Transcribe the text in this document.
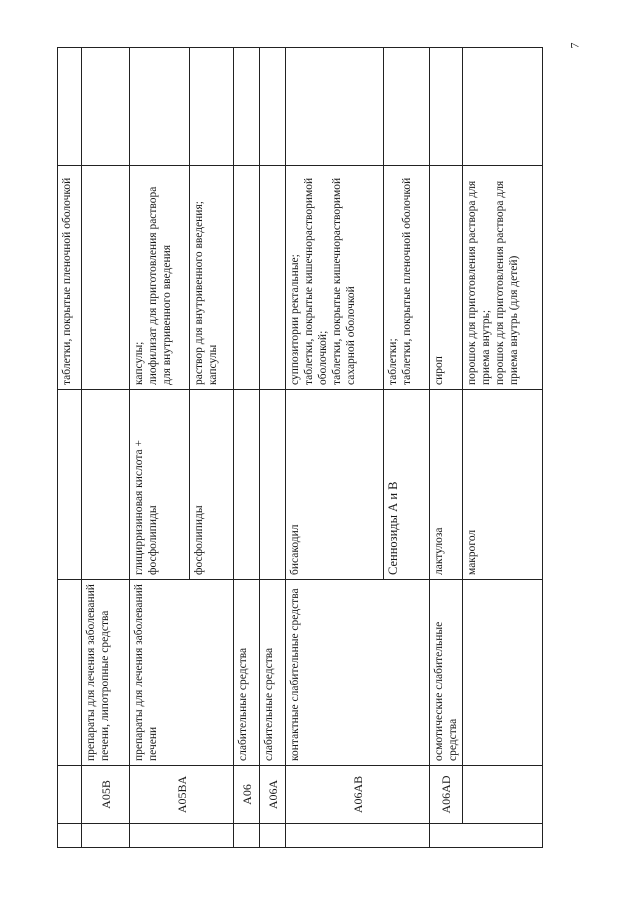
7

				таблетки, покрытые пленочной оболочкой	

	A05B	препараты для лечения заболеваний печени, липотропные средства			
	A05BA	препараты для лечения заболеваний печени	глицирризиновая кислота + фосфолипиды	капсулы; лиофилизат для приготовления раствора для внутривенного введения	

			фосфолипиды	раствор для внутривенного введения; капсулы	

	A06	слабительные средства			
	A06A	слабительные средства			
	A06AB	контактные слабительные средства	бисакодил	суппозитории ректальные; таблетки, покрытые кишечнорастворимой оболочкой; таблетки, покрытые кишечнорастворимой сахарной оболочкой	

			Сеннозиды А и В	таблетки; таблетки, покрытые пленочной оболочкой	

	A06AD	осмотические слабительные средства	лактулоза	сироп	

			макрогол	порошок для приготовления раствора для приема внутрь; порошок для приготовления раствора для приема внутрь (для детей)	
